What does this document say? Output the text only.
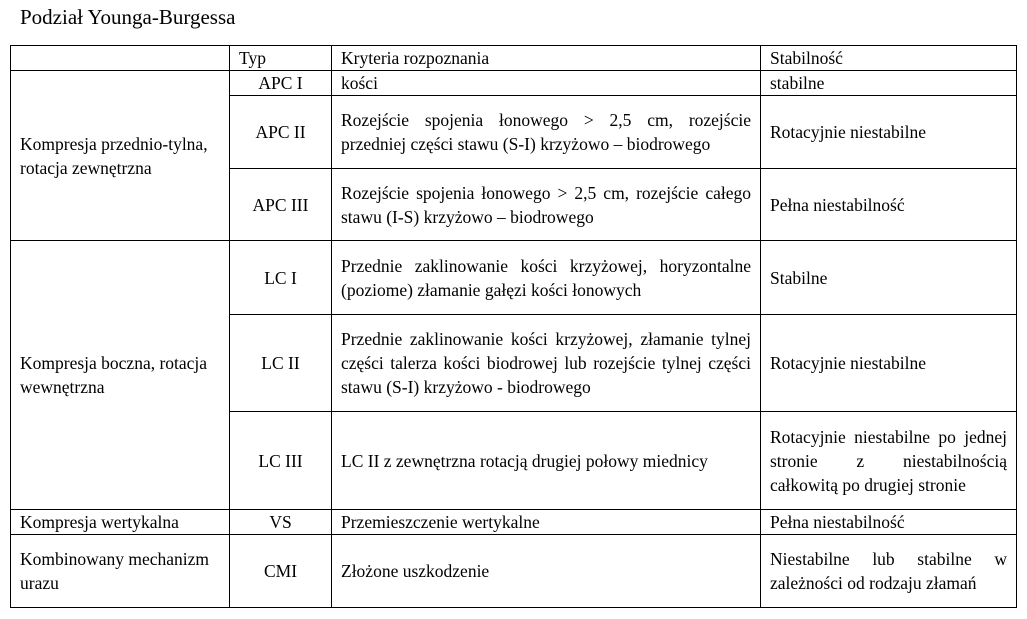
Podział Younga-Burgessa
	Typ	Kryteria rozpoznania	Stabilność
Kompresja przednio-tylna, rotacja zewnętrzna	APC I	kości	stabilne
	APC II	Rozejście spojenia łonowego > 2,5 cm, rozejście przedniej części stawu (S-I) krzyżowo – biodrowego	Rotacyjnie niestabilne
	APC III	Rozejście spojenia łonowego > 2,5 cm, rozejście całego stawu (I-S) krzyżowo – biodrowego	Pełna niestabilność
Kompresja boczna, rotacja wewnętrzna	LC I	Przednie zaklinowanie kości krzyżowej, horyzontalne (poziome) złamanie gałęzi kości łonowych	Stabilne
	LC II	Przednie zaklinowanie kości krzyżowej, złamanie tylnej części talerza kości biodrowej lub rozejście tylnej części stawu (S-I) krzyżowo - biodrowego	Rotacyjnie niestabilne
	LC III	LC II z zewnętrzna rotacją drugiej połowy miednicy	Rotacyjnie niestabilne po jednej stronie z niestabilnością całkowitą po drugiej stronie
Kompresja wertykalna	VS	Przemieszczenie wertykalne	Pełna niestabilność
Kombinowany mechanizm urazu	CMI	Złożone uszkodzenie	Niestabilne lub stabilne w zależności od rodzaju złamań
